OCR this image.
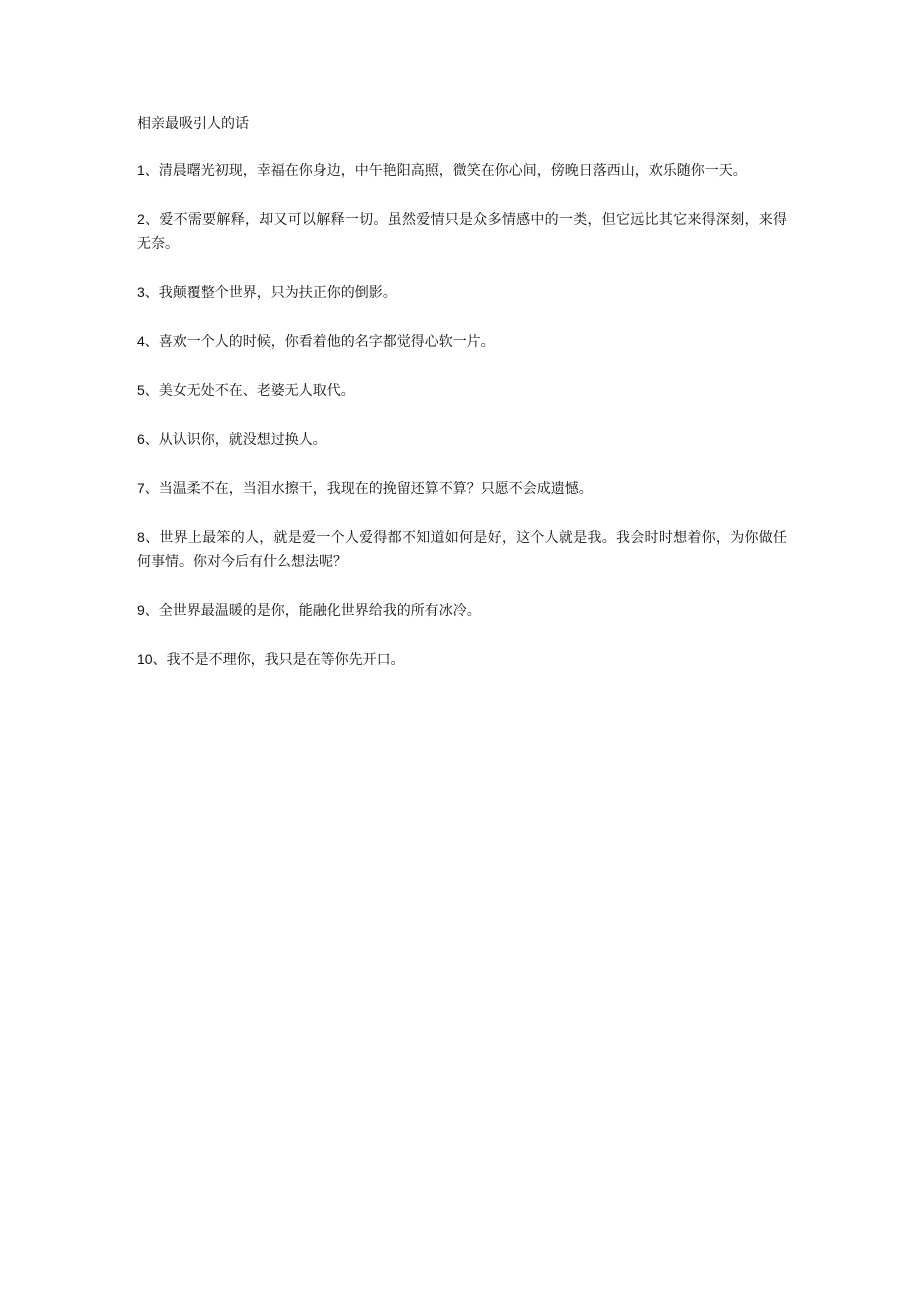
相亲最吸引人的话

1、清晨曙光初现，幸福在你身边，中午艳阳高照，微笑在你心间，傍晚日落西山，欢乐随你一天。

2、爱不需要解释，却又可以解释一切。虽然爱情只是众多情感中的一类，但它远比其它来得深刻，来得无奈。

3、我颠覆整个世界，只为扶正你的倒影。

4、喜欢一个人的时候，你看着他的名字都觉得心软一片。

5、美女无处不在、老婆无人取代。

6、从认识你，就没想过换人。

7、当温柔不在，当泪水擦干，我现在的挽留还算不算？只愿不会成遗憾。

8、世界上最笨的人，就是爱一个人爱得都不知道如何是好，这个人就是我。我会时时想着你，为你做任何事情。你对今后有什么想法呢？

9、全世界最温暖的是你，能融化世界给我的所有冰冷。

10、我不是不理你，我只是在等你先开口。
